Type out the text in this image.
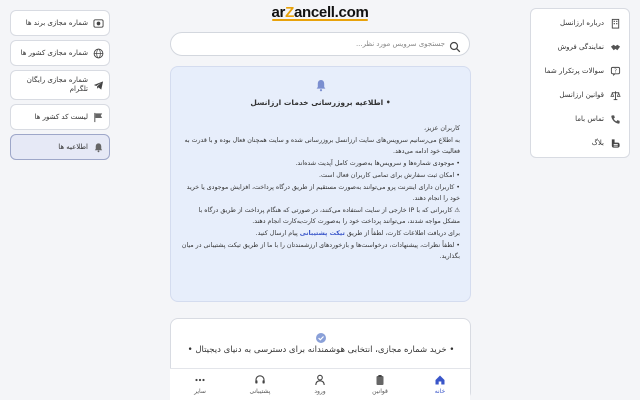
arZancell.com
شماره مجازی برند ها
شماره مجازی کشور ها
شماره مجازی رایگان تلگرام
لیست کد کشور ها
اطلاعیه ها
درباره ارزانسل
نمایندگی فروش
?
سوالات پرتکرار شما
قوانین ارزانسل
تماس باما
بلاگ
جستجوی سرویس مورد نظر...
• اطلاعیه بروزرسانی خدمات ارزانسل

کاربران عزیز،

به اطلاع می‌رسانیم سرویس‌های سایت ارزانسل بروزرسانی شده و سایت همچنان فعال بوده و با قدرت به فعالیت خود ادامه می‌دهد.

• موجودی شماره‌ها و سرویس‌ها به‌صورت کامل آپدیت شده‌اند.

• امکان ثبت سفارش برای تمامی کاربران فعال است.

• کاربران دارای اینترنت پرو می‌توانند به‌صورت مستقیم از طریق درگاه پرداخت، افزایش موجودی یا خرید خود را انجام دهند.

⚠ کاربرانی که با IP خارجی از سایت استفاده می‌کنند، در صورتی که هنگام پرداخت از طریق درگاه با مشکل مواجه شدند، می‌توانند پرداخت خود را به‌صورت کارت‌به‌کارت انجام دهند.

برای دریافت اطلاعات کارت، لطفاً از طریق تیکت پشتیبانی پیام ارسال کنید.

• لطفاً نظرات، پیشنهادات، درخواست‌ها و بازخوردهای ارزشمندتان را با ما از طریق تیکت پشتیبانی در میان بگذارید.

• خرید شماره مجازی، انتخابی هوشمندانه برای دسترسی به دنیای دیجیتال •
خانه
قوانین
ورود
پشتیبانی
سایر
